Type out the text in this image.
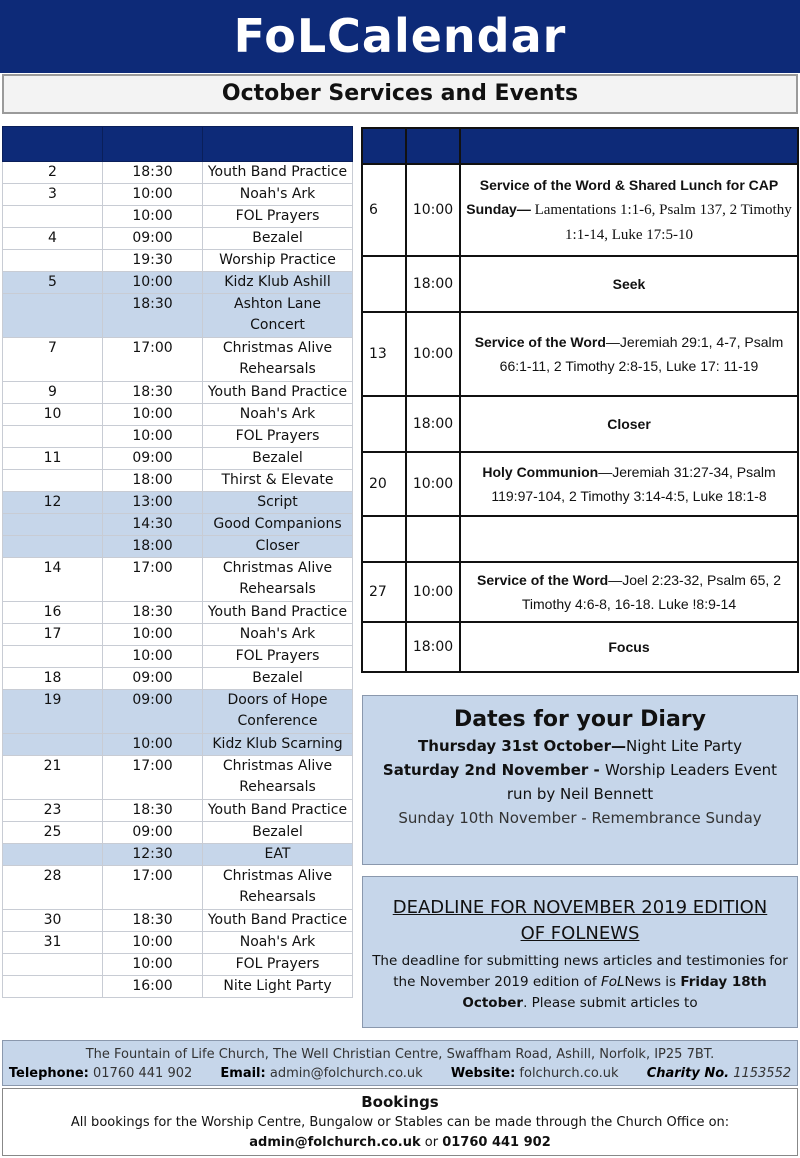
FoLCalendar
October Services and Events

2	18:30	Youth Band Practice
3	10:00	Noah's Ark
	10:00	FOL Prayers
4	09:00	Bezalel
	19:30	Worship Practice
5	10:00	Kidz Klub Ashill
	18:30	Ashton Lane Concert
7	17:00	Christmas Alive Rehearsals
9	18:30	Youth Band Practice
10	10:00	Noah's Ark
	10:00	FOL Prayers
11	09:00	Bezalel
	18:00	Thirst & Elevate
12	13:00	Script
	14:30	Good Companions
	18:00	Closer
14	17:00	Christmas Alive Rehearsals
16	18:30	Youth Band Practice
17	10:00	Noah's Ark
	10:00	FOL Prayers
18	09:00	Bezalel
19	09:00	Doors of Hope Conference
	10:00	Kidz Klub Scarning
21	17:00	Christmas Alive Rehearsals
23	18:30	Youth Band Practice
25	09:00	Bezalel
	12:30	EAT
28	17:00	Christmas Alive Rehearsals
30	18:30	Youth Band Practice
31	10:00	Noah's Ark
	10:00	FOL Prayers
	16:00	Nite Light Party

6	10:00	Service of the Word & Shared Lunch for CAP
Sunday— Lamentations 1:1-6, Psalm 137, 2 Timothy 1:1-14, Luke 17:5-10
	18:00	Seek

13	10:00	Service of the Word—Jeremiah 29:1, 4-7, Psalm 66:1-11, 2 Timothy 2:8-15, Luke 17: 11-19
	18:00	Closer

20	10:00	Holy Communion—Jeremiah 31:27-34, Psalm 119:97-104, 2 Timothy 3:14-4:5, Luke 18:1-8

27	10:00	Service of the Word—Joel 2:23-32, Psalm 65, 2 Timothy 4:6-8, 16-18. Luke !8:9-14
	18:00	Focus
Dates for your Diary
Thursday 31st October—Night Lite Party
Saturday 2nd November - Worship Leaders Event run by Neil Bennett
Sunday 10th November - Remembrance Sunday
DEADLINE FOR NOVEMBER 2019 EDITION
OF FOLNEWS
The deadline for submitting news articles and testimonies for the November 2019 edition of FoLNews is Friday 18th October. Please submit articles to
The Fountain of Life Church, The Well Christian Centre, Swaffham Road, Ashill, Norfolk, IP25 7BT.
Telephone: 01760 441 902 Email: admin@folchurch.co.uk Website: folchurch.co.uk Charity No. 1153552
Bookings
All bookings for the Worship Centre, Bungalow or Stables can be made through the Church Office on:
admin@folchurch.co.uk or 01760 441 902
